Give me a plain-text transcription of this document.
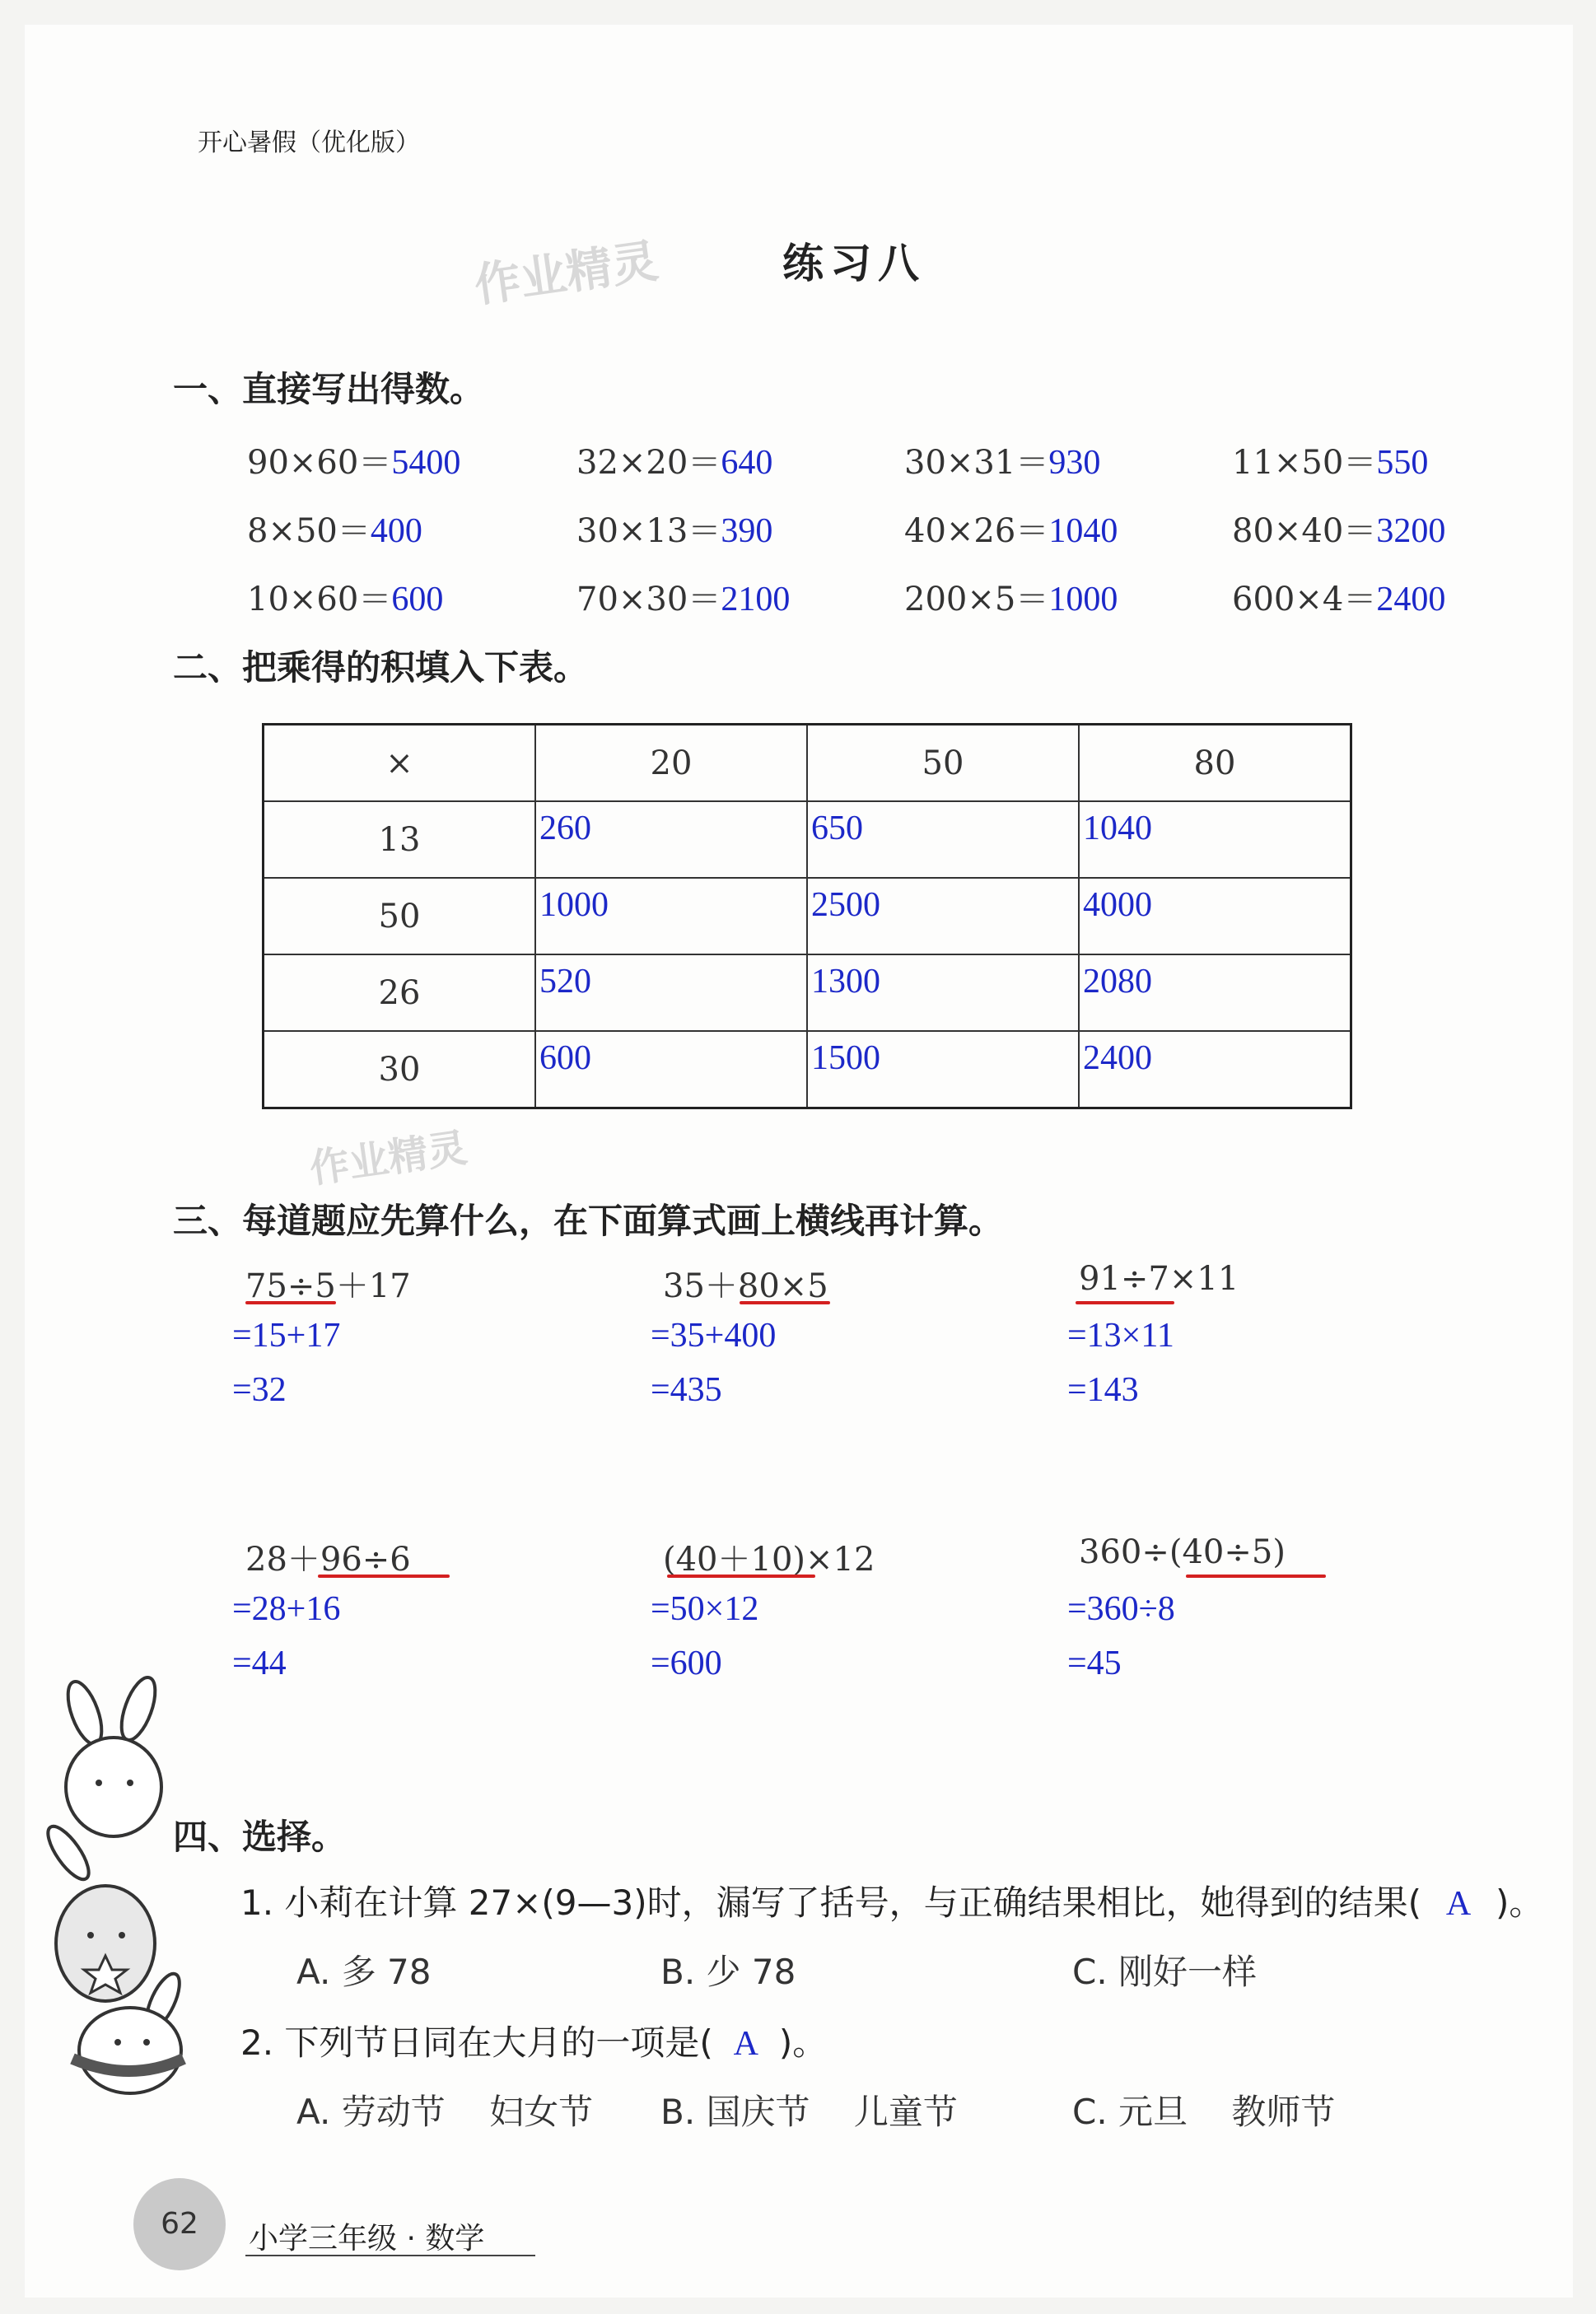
开心暑假（优化版）
作业精灵	练习八
一、直接写出得数。
90×60＝5400	32×20＝640	30×31＝930	11×50＝550
8×50＝400	30×13＝390	40×26＝1040	80×40＝3200
10×60＝600	70×30＝2100	200×5＝1000	600×4＝2400
二、把乘得的积填入下表。
×	20	50	80
13	260	650	1040

50	1000	2500	4000

26	520	1300	2080

30	600	1500	2400
作业精灵
三、每道题应先算什么，在下面算式画上横线再计算。
75÷5＋17
=15+17
=32
35＋80×5
=35+400
=435
91÷7×11
=13×11
=143
28＋96÷6
=28+16
=44
(40＋10)×12
=50×12
=600
360÷(40÷5)
=360÷8
=45
四、选择。
1. 小莉在计算 27×(9—3)时，漏写了括号，与正确结果相比，她得到的结果( A )。
A. 多 78	B. 少 78	C. 刚好一样
2. 下列节日同在大月的一项是( A )。
A. 劳动节    妇女节 B. 国庆节    儿童节	C. 元旦    教师节
62	小学三年级 · 数学
